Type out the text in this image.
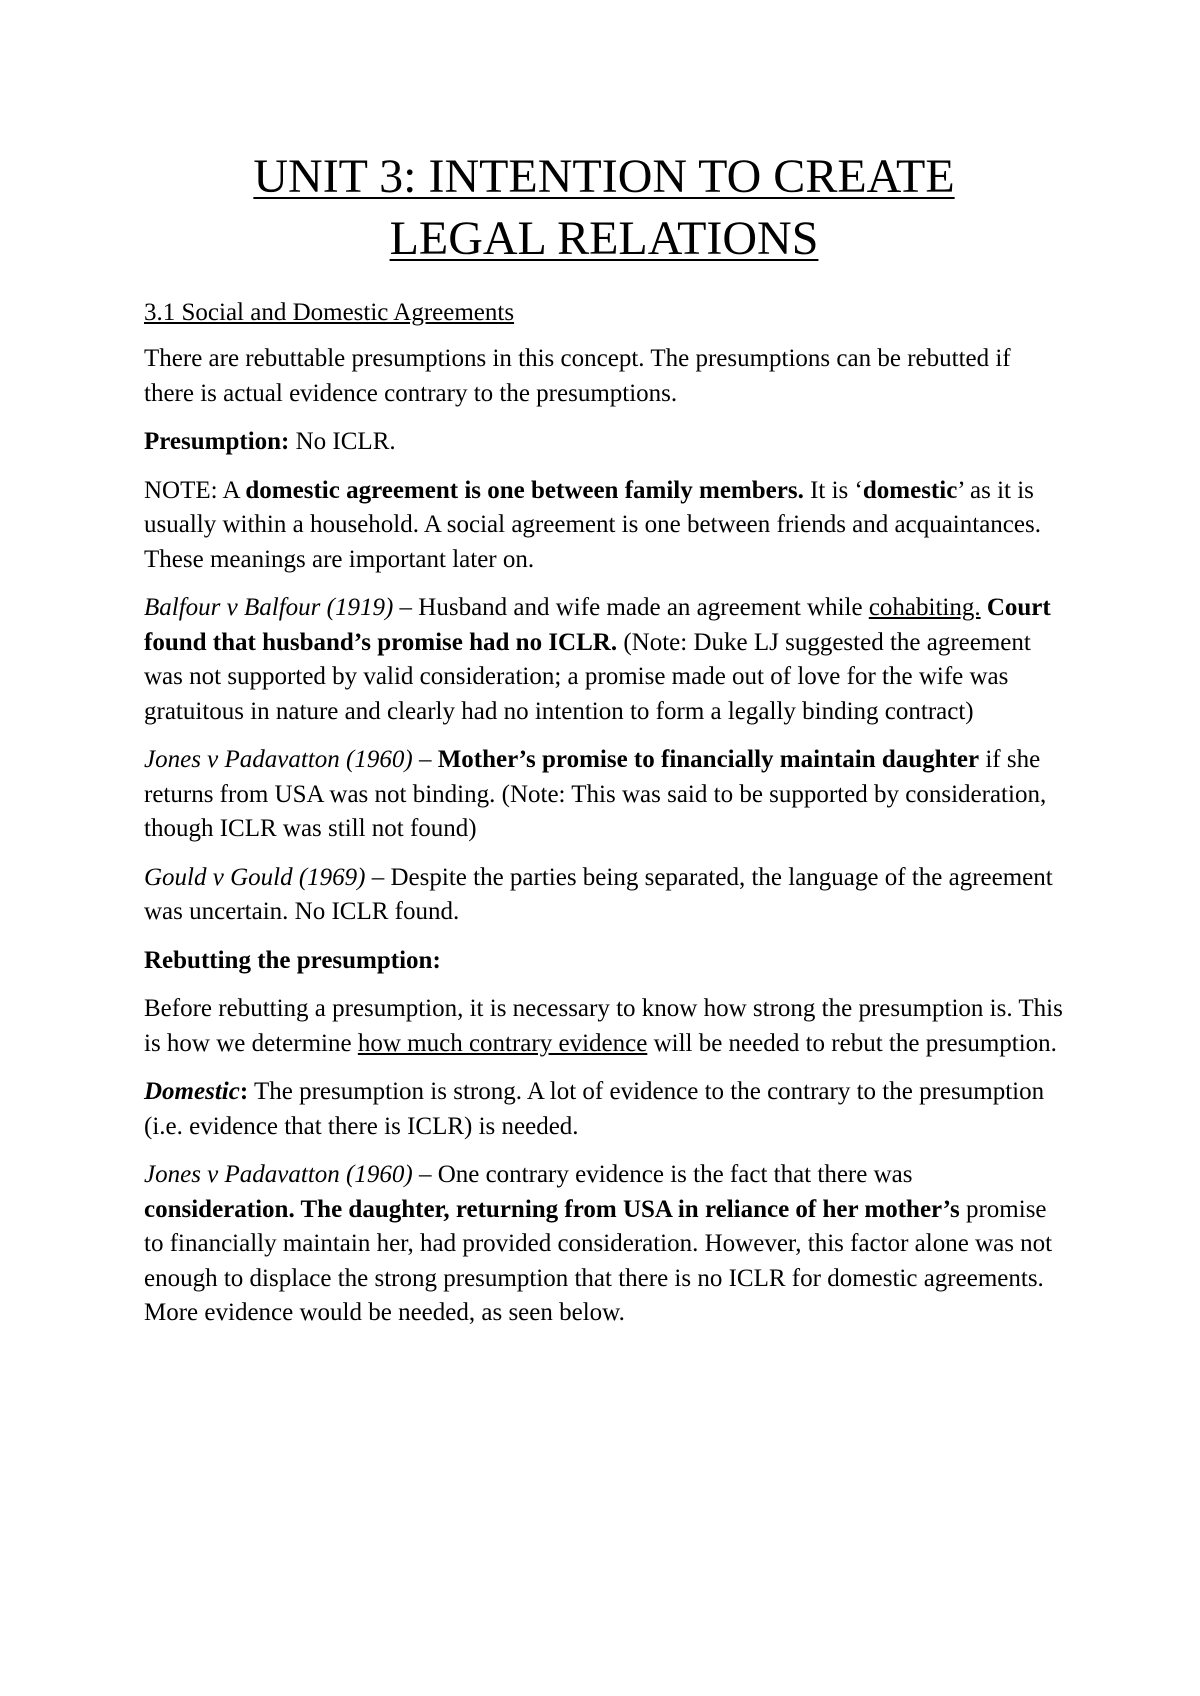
UNIT 3: INTENTION TO CREATE
LEGAL RELATIONS
3.1 Social and Domestic Agreements

There are rebuttable presumptions in this concept. The presumptions can be rebutted if there is actual evidence contrary to the presumptions.

Presumption: No ICLR.

NOTE: A domestic agreement is one between family members. It is ‘domestic’ as it is usually within a household. A social agreement is one between friends and acquaintances. These meanings are important later on.

Balfour v Balfour (1919) – Husband and wife made an agreement while cohabiting. Court found that husband’s promise had no ICLR. (Note: Duke LJ suggested the agreement was not supported by valid consideration; a promise made out of love for the wife was gratuitous in nature and clearly had no intention to form a legally binding contract)

Jones v Padavatton (1960) – Mother’s promise to financially maintain daughter if she returns from USA was not binding. (Note: This was said to be supported by consideration, though ICLR was still not found)

Gould v Gould (1969) – Despite the parties being separated, the language of the agreement was uncertain. No ICLR found.

Rebutting the presumption:

Before rebutting a presumption, it is necessary to know how strong the presumption is. This is how we determine how much contrary evidence will be needed to rebut the presumption.

Domestic: The presumption is strong. A lot of evidence to the contrary to the presumption (i.e. evidence that there is ICLR) is needed.

Jones v Padavatton (1960) – One contrary evidence is the fact that there was consideration. The daughter, returning from USA in reliance of her mother’s promise to financially maintain her, had provided consideration. However, this factor alone was not enough to displace the strong presumption that there is no ICLR for domestic agreements. More evidence would be needed, as seen below.
